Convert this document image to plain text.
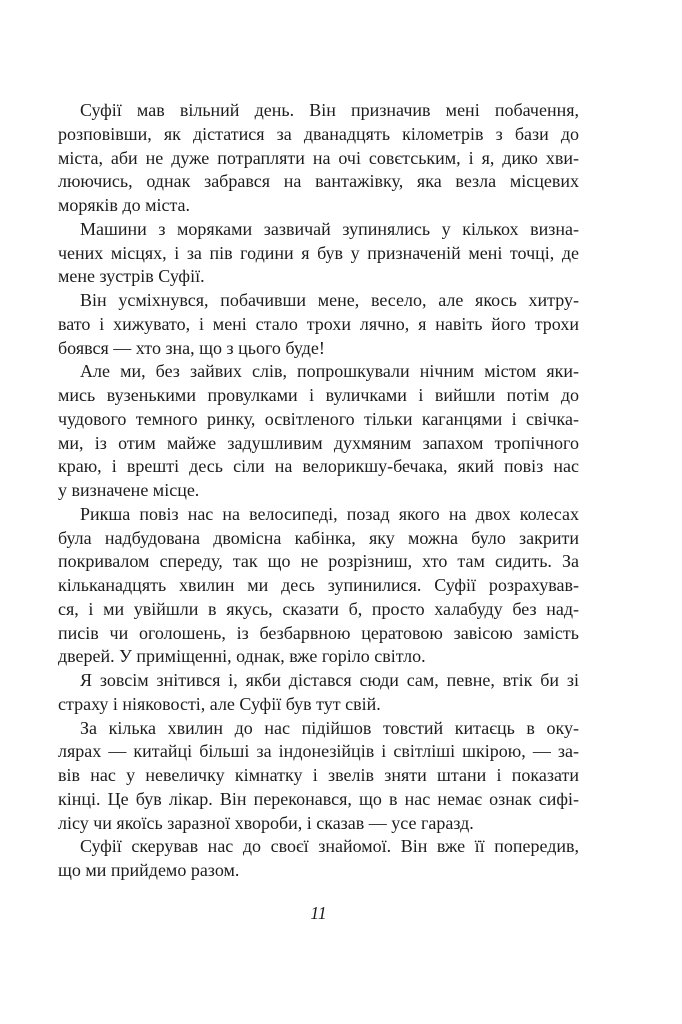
Суфії мав вільний день. Він призначив мені побачення,
розповівши, як дістатися за дванадцять кілометрів з бази до
міста, аби не дуже потрапляти на очі совєтським, і я, дико хви-
люючись, однак забрався на вантажівку, яка везла місцевих
моряків до міста.
Машини з моряками зазвичай зупинялись у кількох визна-
чених місцях, і за пів години я був у призначеній мені точці, де
мене зустрів Суфії.
Він усміхнувся, побачивши мене, весело, але якось хитру-
вато і хижувато, і мені стало трохи лячно, я навіть його трохи
боявся — хто зна, що з цього буде!
Але ми, без зайвих слів, попрошкували нічним містом яки-
мись вузенькими провулками і вуличками і вийшли потім до
чудового темного ринку, освітленого тільки каганцями і свічка-
ми, із отим майже задушливим духмяним запахом тропічного
краю, і врешті десь сіли на велорикшу-бечака, який повіз нас
у визначене місце.
Рикша повіз нас на велосипеді, позад якого на двох колесах
була надбудована двомісна кабінка, яку можна було закрити
покривалом спереду, так що не розрізниш, хто там сидить. За
кільканадцять хвилин ми десь зупинилися. Суфії розрахував-
ся, і ми увійшли в якусь, сказати б, просто халабуду без над-
писів чи оголошень, із безбарвною цератовою завісою замість
дверей. У приміщенні, однак, вже горіло світло.
Я зовсім знітився і, якби дістався сюди сам, певне, втік би зі
страху і ніяковості, але Суфії був тут свій.
За кілька хвилин до нас підійшов товстий китаєць в оку-
лярах — китайці більші за індонезійців і світліші шкірою, — за-
вів нас у невеличку кімнатку і звелів зняти штани і показати
кінці. Це був лікар. Він переконався, що в нас немає ознак сифі-
лісу чи якоїсь заразної хвороби, і сказав — усе гаразд.
Суфії скерував нас до своєї знайомої. Він вже її попередив,
що ми прийдемо разом.
11
